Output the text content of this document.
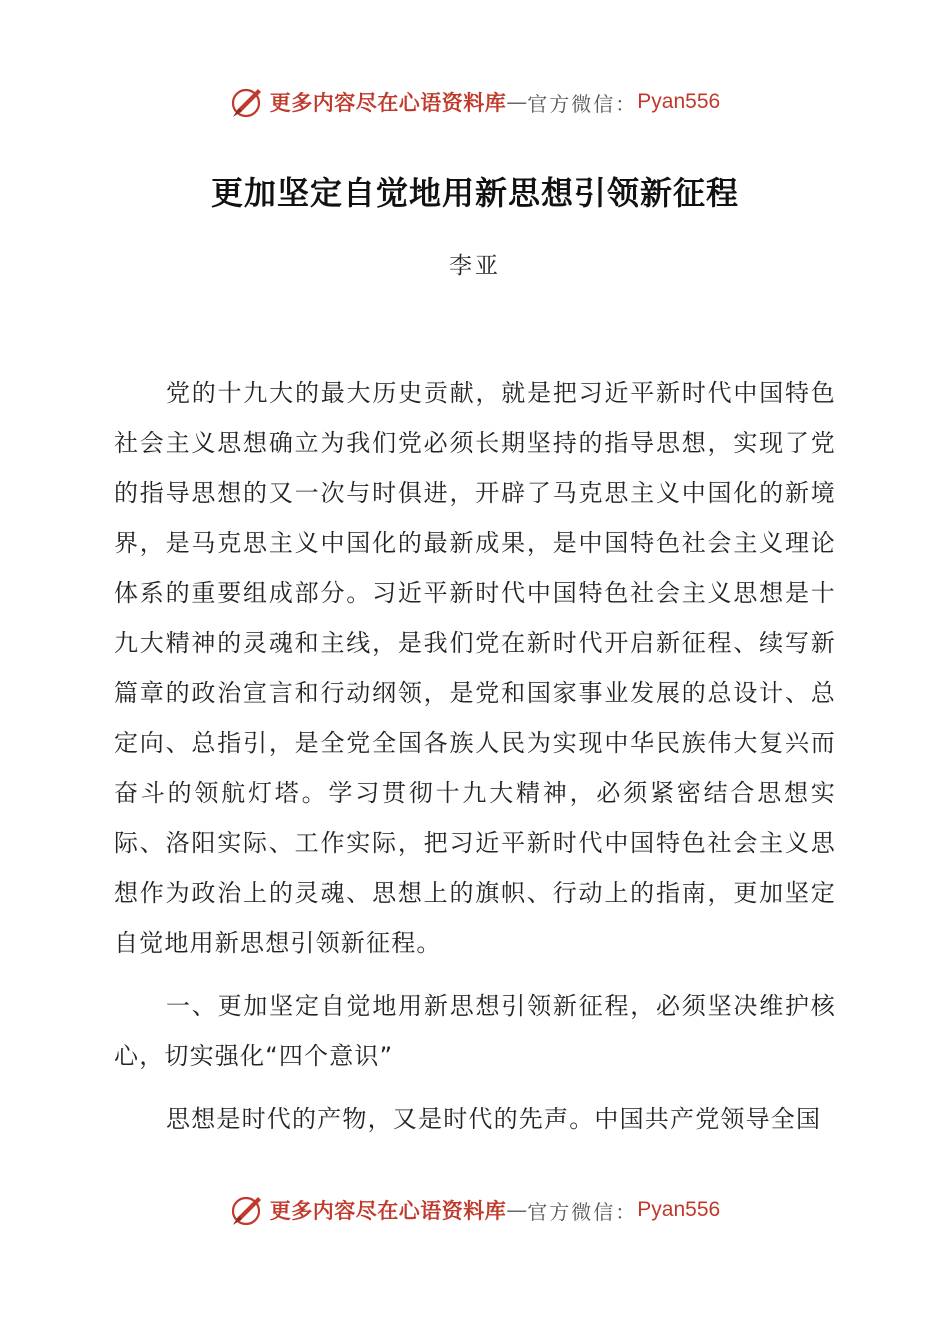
更多内容尽在心语资料库 — 官方微信： Pyan556
更加坚定自觉地用新思想引领新征程
李亚

党的十九大的最大历史贡献，就是把习近平新时代中国特色社会主义思想确立为我们党必须长期坚持的指导思想，实现了党的指导思想的又一次与时俱进，开辟了马克思主义中国化的新境界，是马克思主义中国化的最新成果，是中国特色社会主义理论体系的重要组成部分。习近平新时代中国特色社会主义思想是十九大精神的灵魂和主线，是我们党在新时代开启新征程、续写新篇章的政治宣言和行动纲领，是党和国家事业发展的总设计、总定向、总指引，是全党全国各族人民为实现中华民族伟大复兴而奋斗的领航灯塔。学习贯彻十九大精神，必须紧密结合思想实际、洛阳实际、工作实际，把习近平新时代中国特色社会主义思想作为政治上的灵魂、思想上的旗帜、行动上的指南，更加坚定自觉地用新思想引领新征程。

一、更加坚定自觉地用新思想引领新征程，必须坚决维护核心，切实强化“四个意识”

思想是时代的产物，又是时代的先声。中国共产党领导全国

更多内容尽在心语资料库 — 官方微信： Pyan556
